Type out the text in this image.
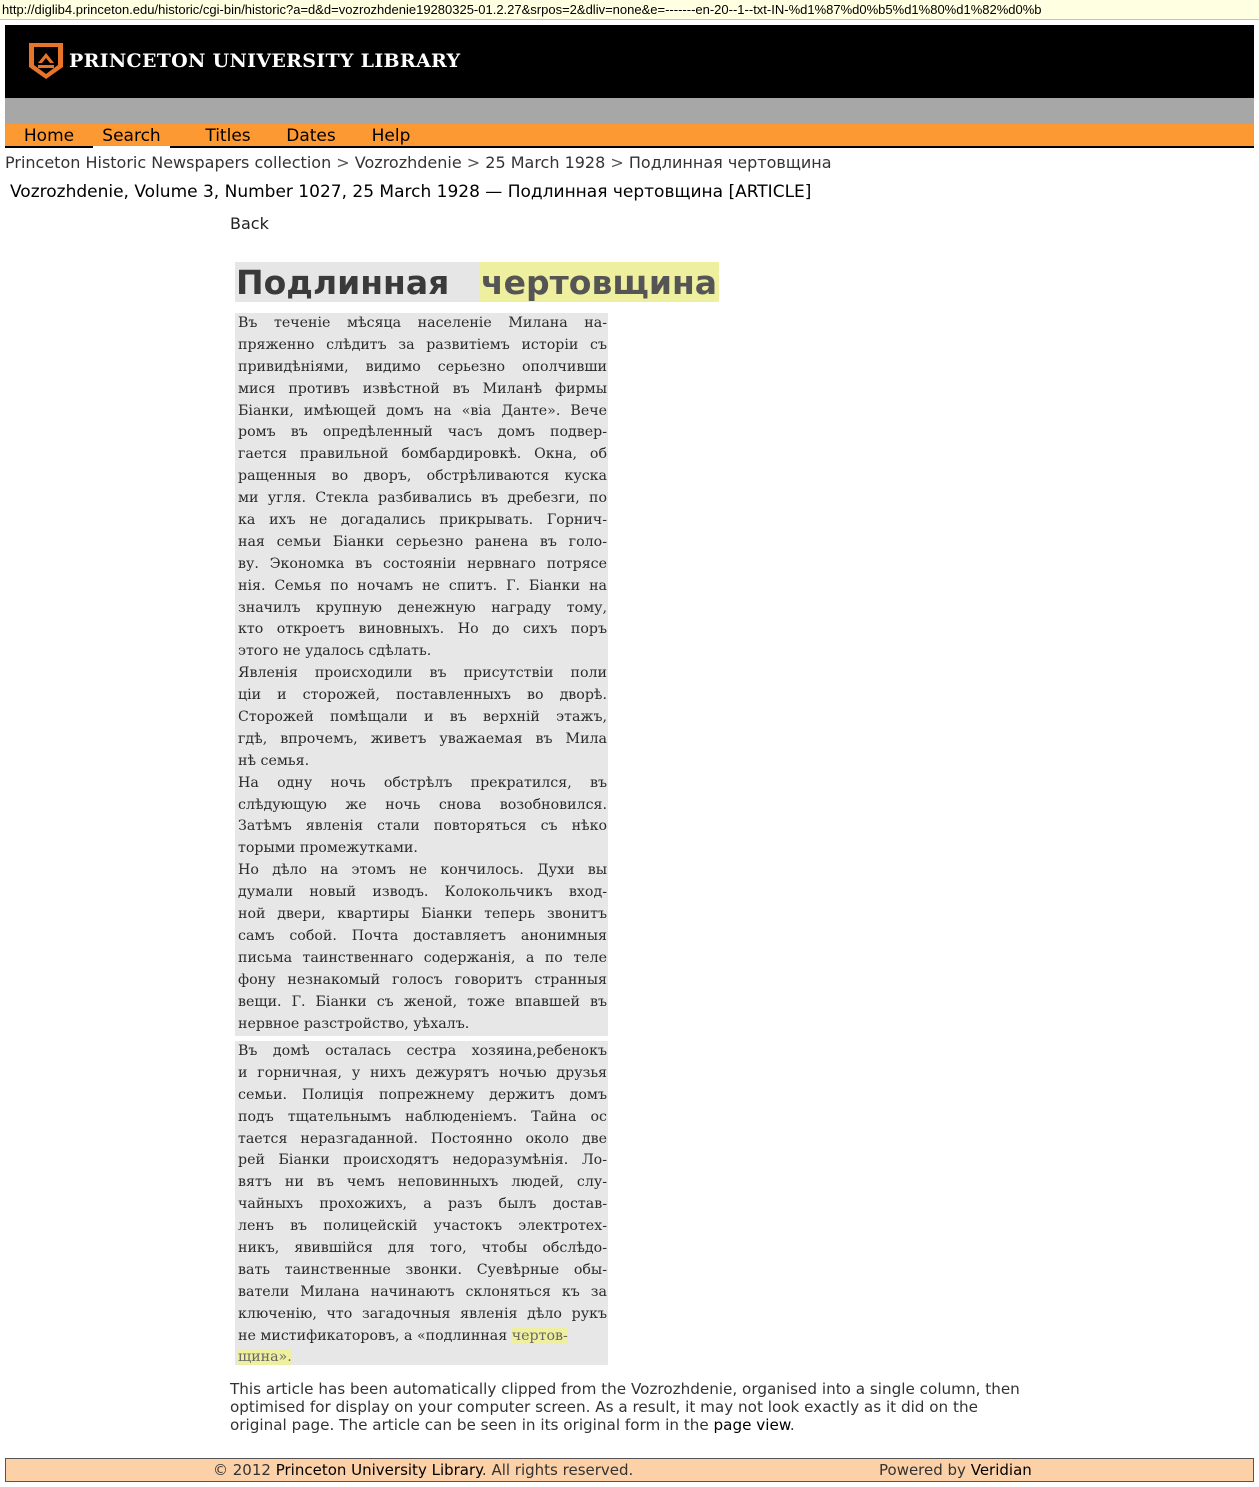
http://diglib4.princeton.edu/historic/cgi-bin/historic?a=d&d=vozrozhdenie19280325-01.2.27&srpos=2&dliv=none&e=-------en-20--1--txt-IN-%d1%87%d0%b5%d1%80%d1%82%d0%b
PRINCETON UNIVERSITY LIBRARY
Home	Search	Titles	Dates	Help
Princeton Historic Newspapers collection > Vozrozhdenie > 25 March 1928 > Подлинная чертовщина
Vozrozhdenie, Volume 3, Number 1027, 25 March 1928 — Подлинная чертовщина [ARTICLE]
Back
Подлинная чертовщина
Въ теченіе мѣсяца населеніе Милана на-
пряженно слѣдитъ за развитіемъ исторіи съ
привидѣніями, видимо серьезно ополчивши
мися противъ извѣстной въ Миланѣ фирмы
Біанки, имѣющей домъ на «віа Данте». Вече
ромъ въ опредѣленный часъ домъ подвер-
гается правильной бомбардировкѣ. Окна, об
ращенныя во дворъ, обстрѣливаются куска
ми угля. Стекла разбивались въ дребезги, по
ка ихъ не догадались прикрывать. Горнич-
ная семьи Біанки серьезно ранена въ голо-
ву. Экономка въ состояніи нервнаго потрясе
нія. Семья по ночамъ не спитъ. Г. Біанки на
значилъ крупную денежную награду тому,
кто откроетъ виновныхъ. Но до сихъ поръ
этого не удалось сдѣлать.
Явленія происходили въ присутствіи поли
ціи и сторожей, поставленныхъ во дворѣ.
Сторожей помѣщали и въ верхній этажъ,
гдѣ, впрочемъ, живетъ уважаемая въ Мила
нѣ семья.
На одну ночь обстрѣлъ прекратился, въ
слѣдующую же ночь снова возобновился.
Затѣмъ явленія стали повторяться съ нѣко
торыми промежутками.
Но дѣло на этомъ не кончилось. Духи вы
думали новый изводъ. Колокольчикъ вход-
ной двери, квартиры Біанки теперь звонитъ
самъ собой. Почта доставляетъ анонимныя
письма таинственнаго содержанія, а по теле
фону незнакомый голосъ говоритъ странныя
вещи. Г. Біанки съ женой, тоже впавшей въ
нервное разстройство, уѣхалъ.
Въ домѣ осталась сестра хозяина,ребенокъ
и горничная, у нихъ дежурятъ ночью друзья
семьи. Полиція попрежнему держитъ домъ
подъ тщательнымъ наблюденіемъ. Тайна ос
тается неразгаданной. Постоянно около две
рей Біанки происходятъ недоразумѣнія. Ло-
вятъ ни въ чемъ неповинныхъ людей, слу-
чайныхъ прохожихъ, а разъ былъ достав-
ленъ въ полицейскій участокъ электротех-
никъ, явившійся для того, чтобы обслѣдо-
вать таинственные звонки. Суевѣрные обы-
ватели Милана начинаютъ склоняться къ за
ключенію, что загадочныя явленія дѣло рукъ
не мистификаторовъ, а «подлинная чертов-
щина».
This article has been automatically clipped from the Vozrozhdenie, organised into a single column, then optimised for display on your computer screen. As a result, it may not look exactly as it did on the original page. The article can be seen in its original form in the page view.
© 2012 Princeton University Library. All rights reserved.	Powered by Veridian
